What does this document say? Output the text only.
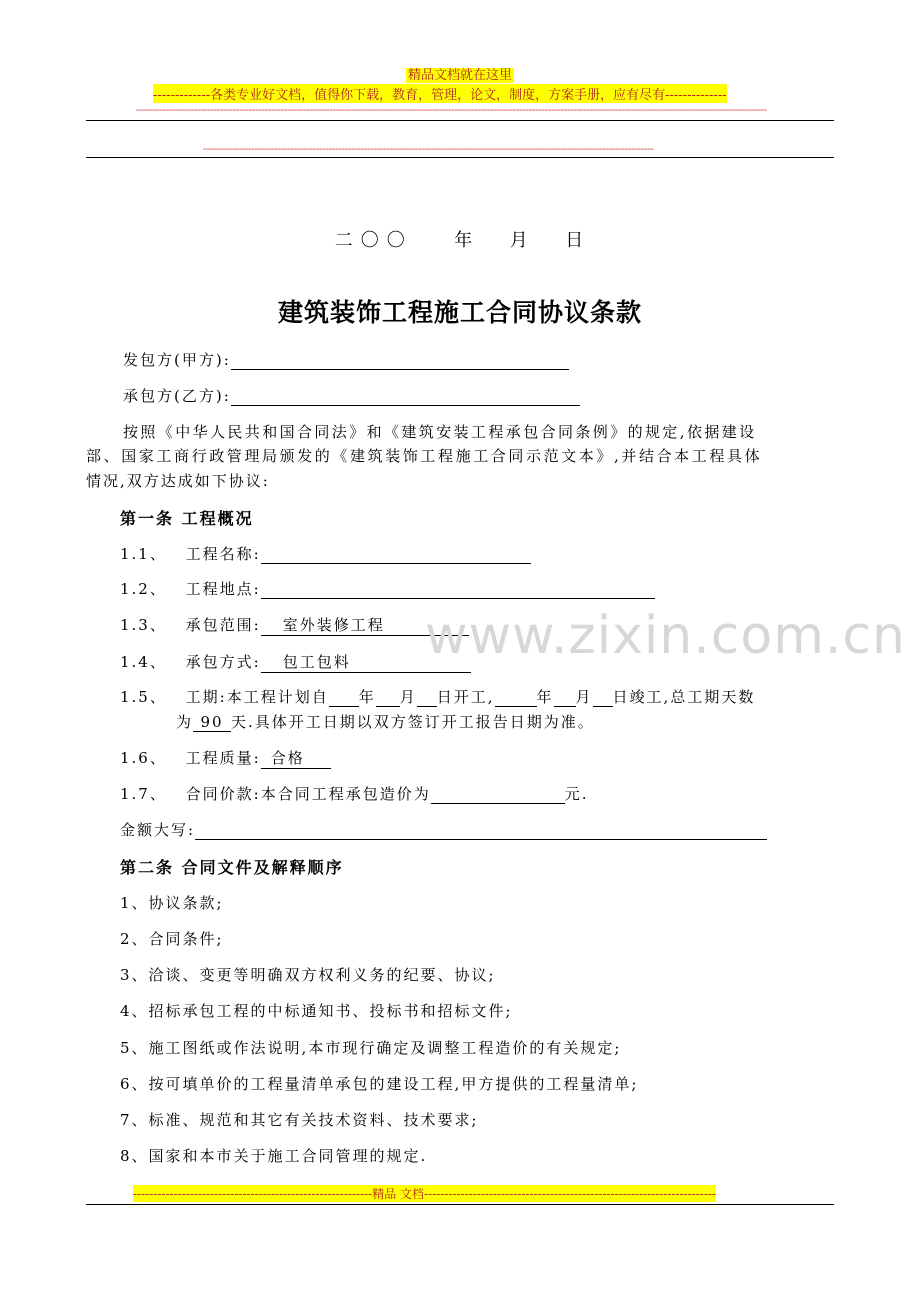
精品文档就在这里
-------------各类专业好文档，值得你下载，教育，管理，论文，制度，方案手册，应有尽有--------------
----------------------------------------------------------------------------------------------------------------------------------------------------------------------------------------------------
--------------------------------------------------------------------------------------------------------------------------------------------
二〇〇 年 月 日
建筑装饰工程施工合同协议条款
发包方(甲方):
承包方(乙方):
按照《中华人民共和国合同法》和《建筑安装工程承包合同条例》的规定,依据建设
部、国家工商行政管理局颁发的《建筑装饰工程施工合同示范文本》,并结合本工程具体
情况,双方达成如下协议:
第一条 工程概况
1.1、 工程名称:
1.2、 工程地点:
1.3、 承包范围: 室外装修工程
1.4、 承包方式: 包工包料
1.5、 工期:本工程计划自 年 月 日开工,	年 月 日竣工,总工期天数
为 90 天.具体开工日期以双方签订开工报告日期为准。
1.6、 工程质量: 合格
1.7、 合同价款:本合同工程承包造价为	元.
金额大写:
第二条 合同文件及解释顺序
1、协议条款;
2、合同条件;
3、洽谈、变更等明确双方权利义务的纪要、协议;
4、招标承包工程的中标通知书、投标书和招标文件;
5、施工图纸或作法说明,本市现行确定及调整工程造价的有关规定;
6、按可填单价的工程量清单承包的建设工程,甲方提供的工程量清单;
7、标准、规范和其它有关技术资料、技术要求;
8、国家和本市关于施工合同管理的规定.
www.zixin.com.cn
-----------------------------------------------------------精品 文档------------------------------------------------------------------------
